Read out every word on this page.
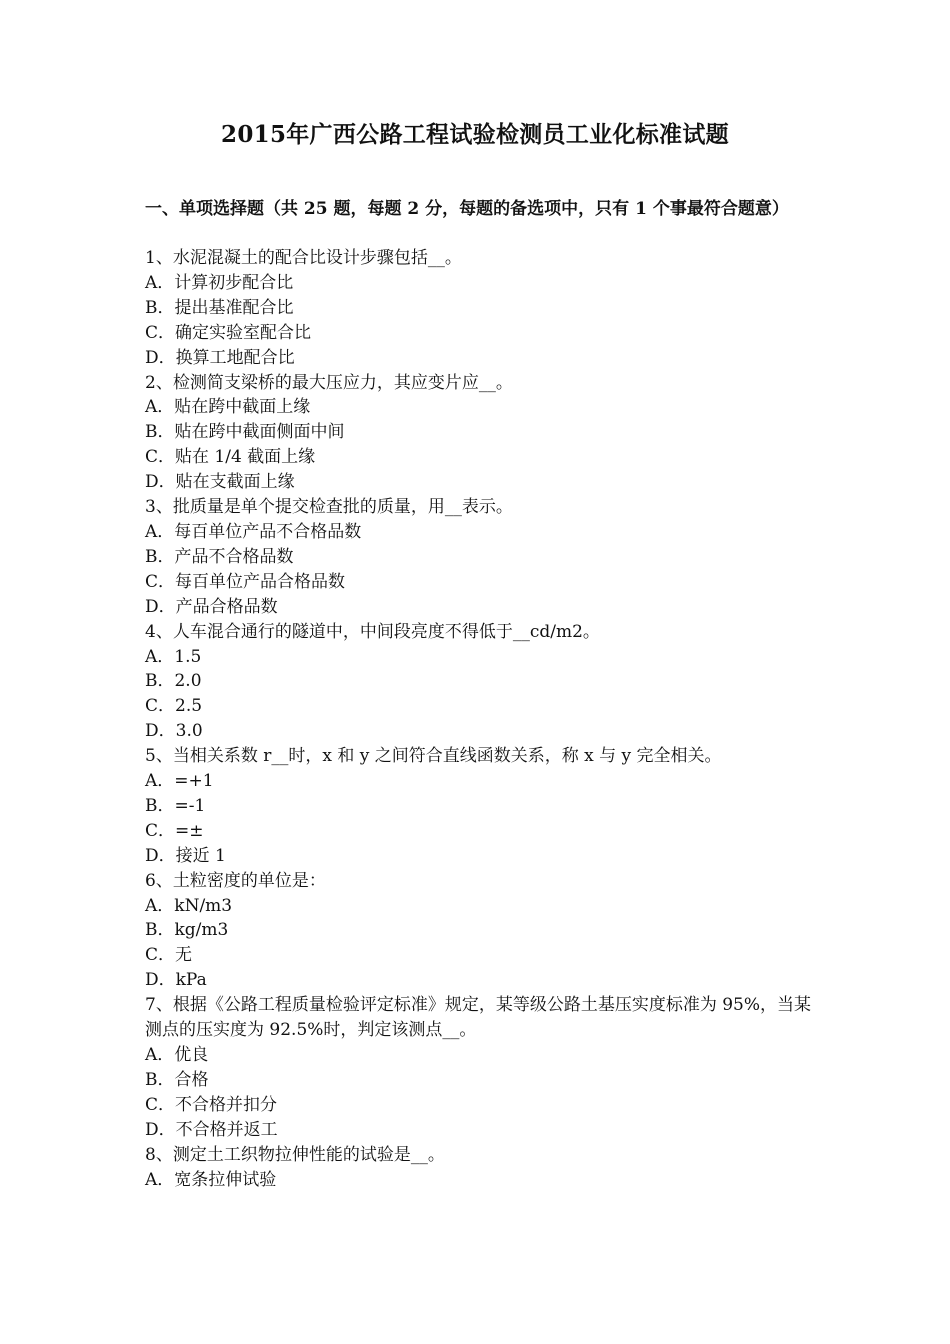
2015年广西公路工程试验检测员工业化标准试题
一、单项选择题（共 25 题，每题 2 分，每题的备选项中，只有 1 个事最符合题意）
1、水泥混凝土的配合比设计步骤包括__。
A．计算初步配合比
B．提出基准配合比
C．确定实验室配合比
D．换算工地配合比
2、检测简支梁桥的最大压应力，其应变片应__。
A．贴在跨中截面上缘
B．贴在跨中截面侧面中间
C．贴在 1/4 截面上缘
D．贴在支截面上缘
3、批质量是单个提交检查批的质量，用__表示。
A．每百单位产品不合格品数
B．产品不合格品数
C．每百单位产品合格品数
D．产品合格品数
4、人车混合通行的隧道中，中间段亮度不得低于__cd/m2。
A．1.5
B．2.0
C．2.5
D．3.0
5、当相关系数 r__时，x 和 y 之间符合直线函数关系，称 x 与 y 完全相关。
A．=+1
B．=-1
C．=±
D．接近 1
6、土粒密度的单位是：
A．kN/m3
B．kg/m3
C．无
D．kPa
7、根据《公路工程质量检验评定标准》规定，某等级公路土基压实度标准为 95%，当某测点的压实度为 92.5%时，判定该测点__。
A．优良
B．合格
C．不合格并扣分
D．不合格并返工
8、测定土工织物拉伸性能的试验是__。
A．宽条拉伸试验
